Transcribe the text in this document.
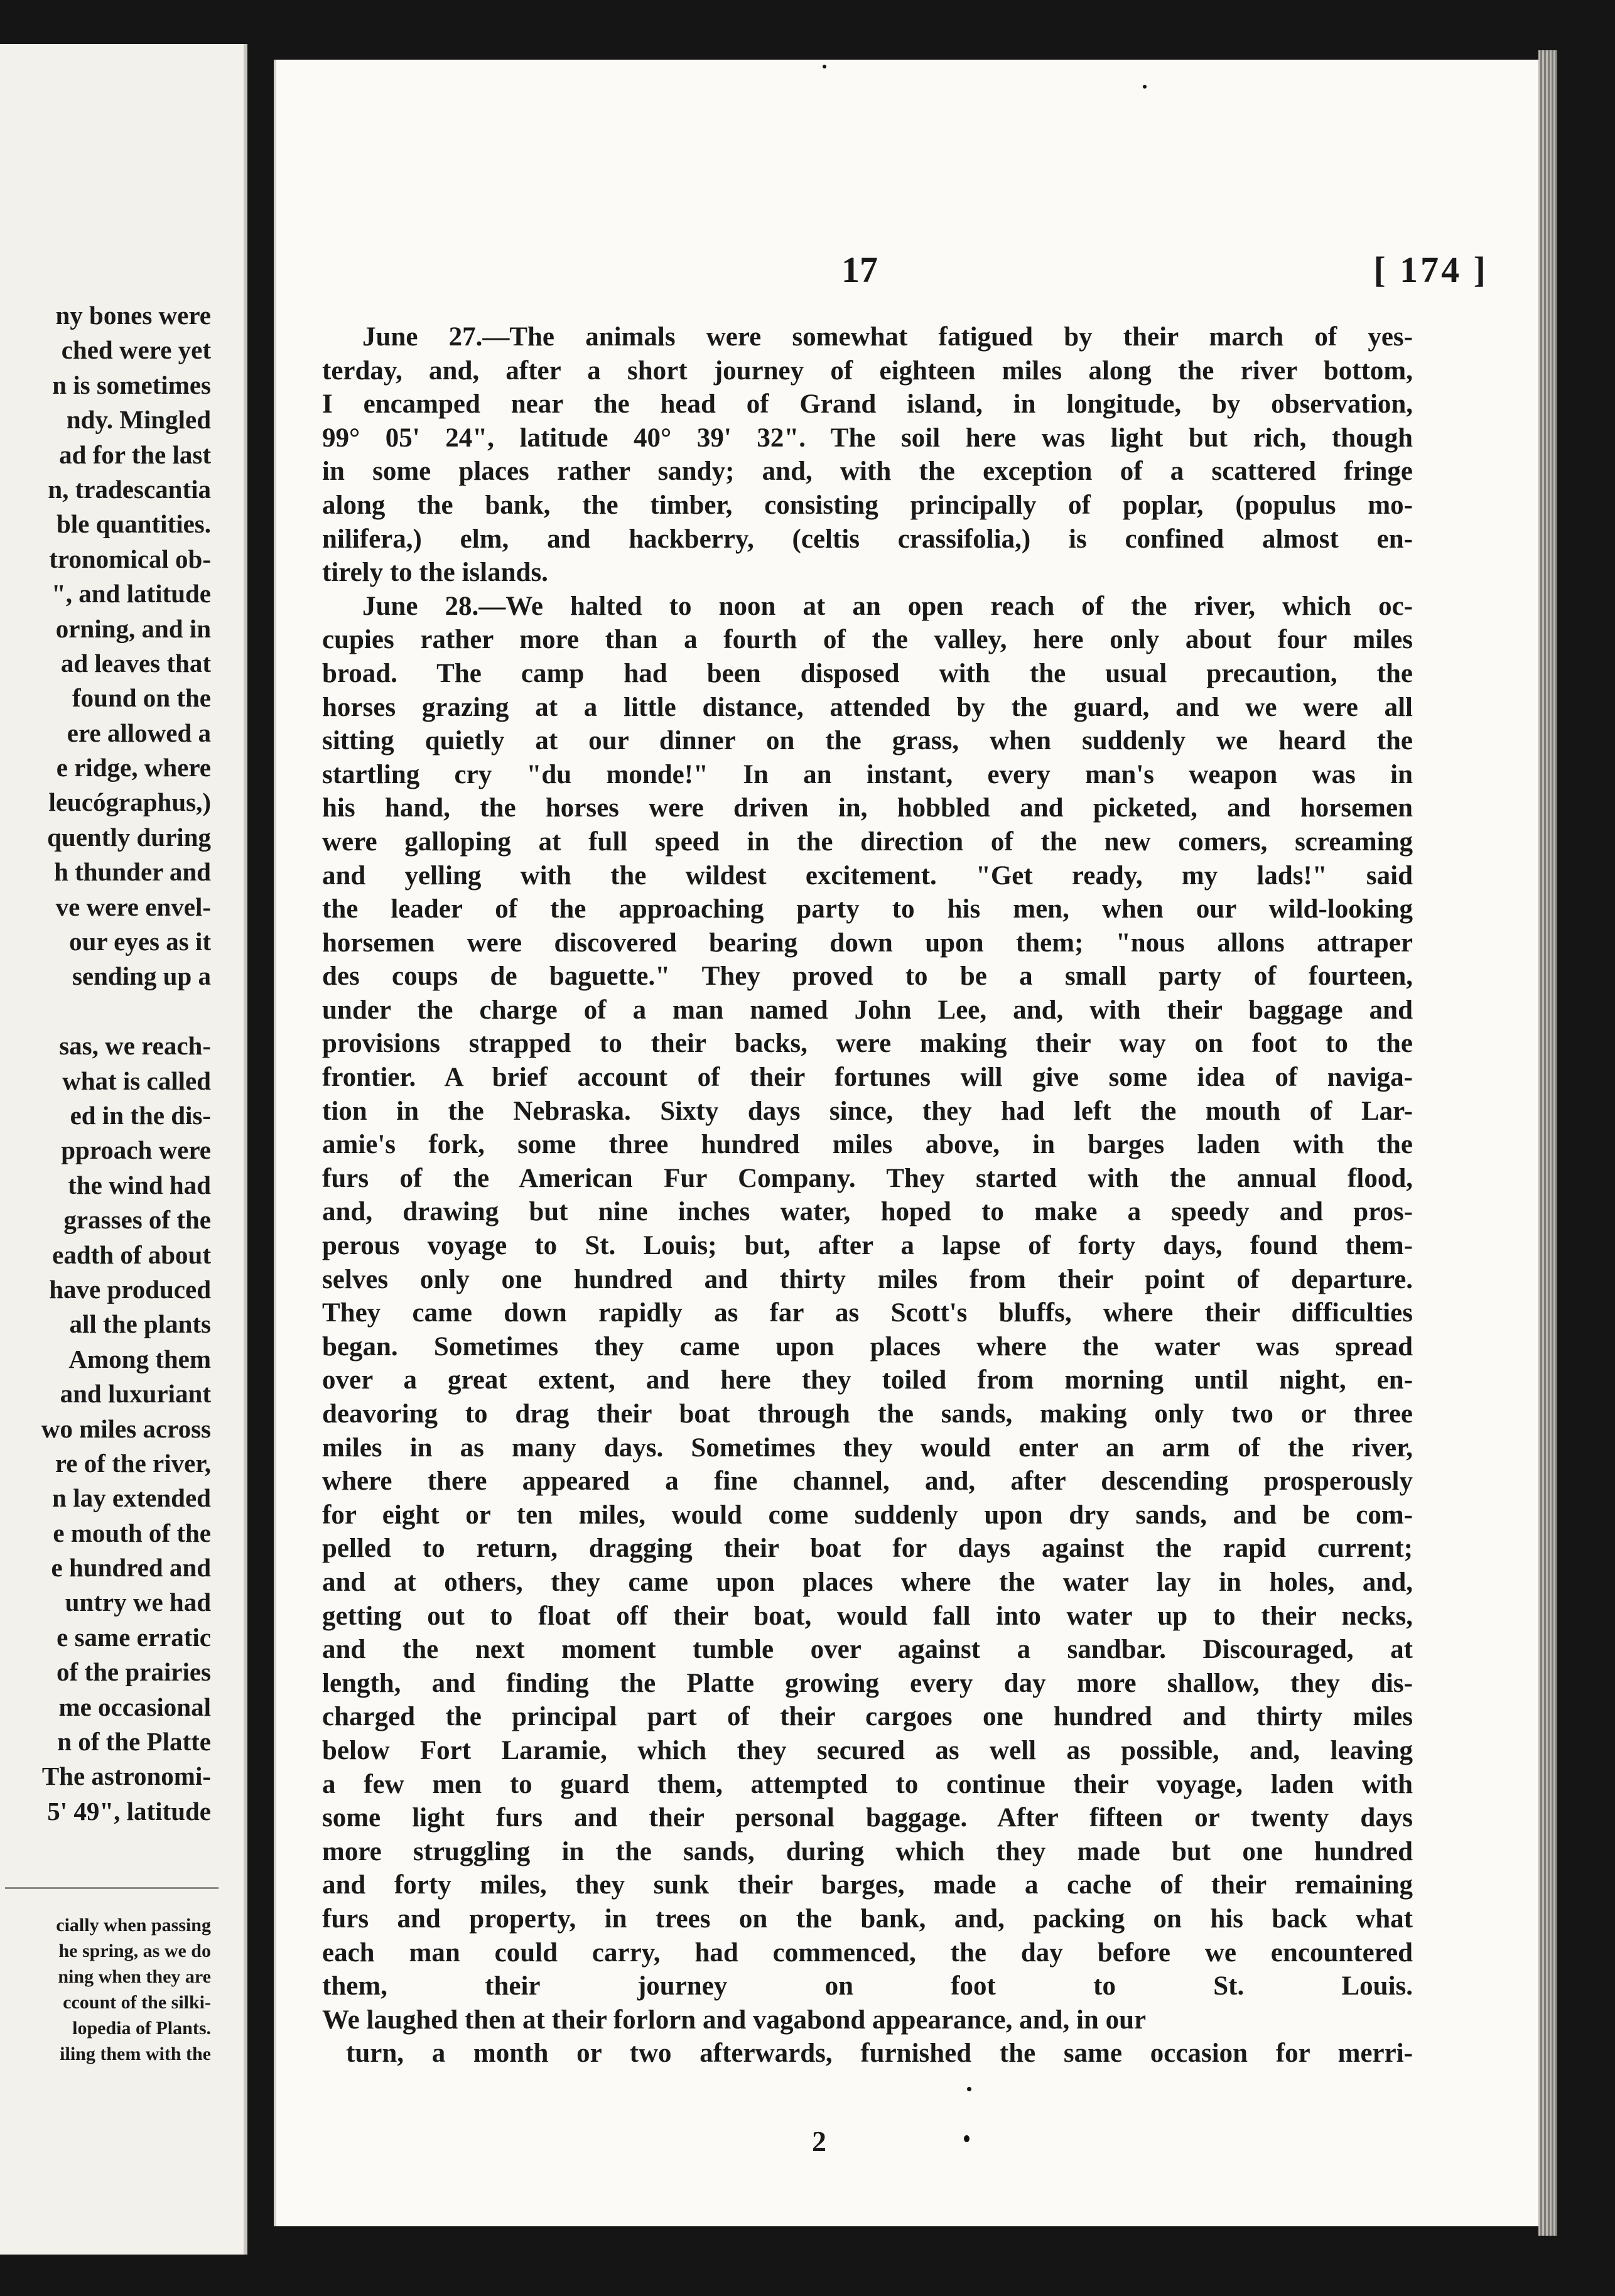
ny bones were
ched were yet
n is sometimes
ndy. Mingled
ad for the last
n, tradescantia
ble quantities.
tronomical ob-
", and latitude
orning, and in
ad leaves that
found on the
ere allowed a
e ridge, where
leucógraphus,)
quently during
h thunder and
ve were envel-
our eyes as it
sending up a
sas, we reach-
what is called
ed in the dis-
pproach were
the wind had
grasses of the
eadth of about
have produced
all the plants
Among them
and luxuriant
wo miles across
re of the river,
n lay extended
e mouth of the
e hundred and
untry we had
e same erratic
of the prairies
me occasional
n of the Platte
The astronomi-
5' 49", latitude
cially when passing
he spring, as we do
ning when they are
ccount of the silki-
lopedia of Plants.
iling them with the
17	[ 174 ]
June 27.—The animals were somewhat fatigued by their march of yes-
terday, and, after a short journey of eighteen miles along the river bottom,
I encamped near the head of Grand island, in longitude, by observation,
99° 05' 24", latitude 40° 39' 32". The soil here was light but rich, though
in some places rather sandy; and, with the exception of a scattered fringe
along the bank, the timber, consisting principally of poplar, (populus mo-
nilifera,) elm, and hackberry, (celtis crassifolia,) is confined almost en-
tirely to the islands.
June 28.—We halted to noon at an open reach of the river, which oc-
cupies rather more than a fourth of the valley, here only about four miles
broad. The camp had been disposed with the usual precaution, the
horses grazing at a little distance, attended by the guard, and we were all
sitting quietly at our dinner on the grass, when suddenly we heard the
startling cry "du monde!" In an instant, every man's weapon was in
his hand, the horses were driven in, hobbled and picketed, and horsemen
were galloping at full speed in the direction of the new comers, screaming
and yelling with the wildest excitement. "Get ready, my lads!" said
the leader of the approaching party to his men, when our wild-looking
horsemen were discovered bearing down upon them; "nous allons attraper
des coups de baguette." They proved to be a small party of fourteen,
under the charge of a man named John Lee, and, with their baggage and
provisions strapped to their backs, were making their way on foot to the
frontier. A brief account of their fortunes will give some idea of naviga-
tion in the Nebraska. Sixty days since, they had left the mouth of Lar-
amie's fork, some three hundred miles above, in barges laden with the
furs of the American Fur Company. They started with the annual flood,
and, drawing but nine inches water, hoped to make a speedy and pros-
perous voyage to St. Louis; but, after a lapse of forty days, found them-
selves only one hundred and thirty miles from their point of departure.
They came down rapidly as far as Scott's bluffs, where their difficulties
began. Sometimes they came upon places where the water was spread
over a great extent, and here they toiled from morning until night, en-
deavoring to drag their boat through the sands, making only two or three
miles in as many days. Sometimes they would enter an arm of the river,
where there appeared a fine channel, and, after descending prosperously
for eight or ten miles, would come suddenly upon dry sands, and be com-
pelled to return, dragging their boat for days against the rapid current;
and at others, they came upon places where the water lay in holes, and,
getting out to float off their boat, would fall into water up to their necks,
and the next moment tumble over against a sandbar. Discouraged, at
length, and finding the Platte growing every day more shallow, they dis-
charged the principal part of their cargoes one hundred and thirty miles
below Fort Laramie, which they secured as well as possible, and, leaving
a few men to guard them, attempted to continue their voyage, laden with
some light furs and their personal baggage. After fifteen or twenty days
more struggling in the sands, during which they made but one hundred
and forty miles, they sunk their barges, made a cache of their remaining
furs and property, in trees on the bank, and, packing on his back what
each man could carry, had commenced, the day before we encountered
them, their journey on foot to St. Louis.
We laughed then at their forlorn and vagabond appearance, and, in our
turn, a month or two afterwards, furnished the same occasion for merri-
2
